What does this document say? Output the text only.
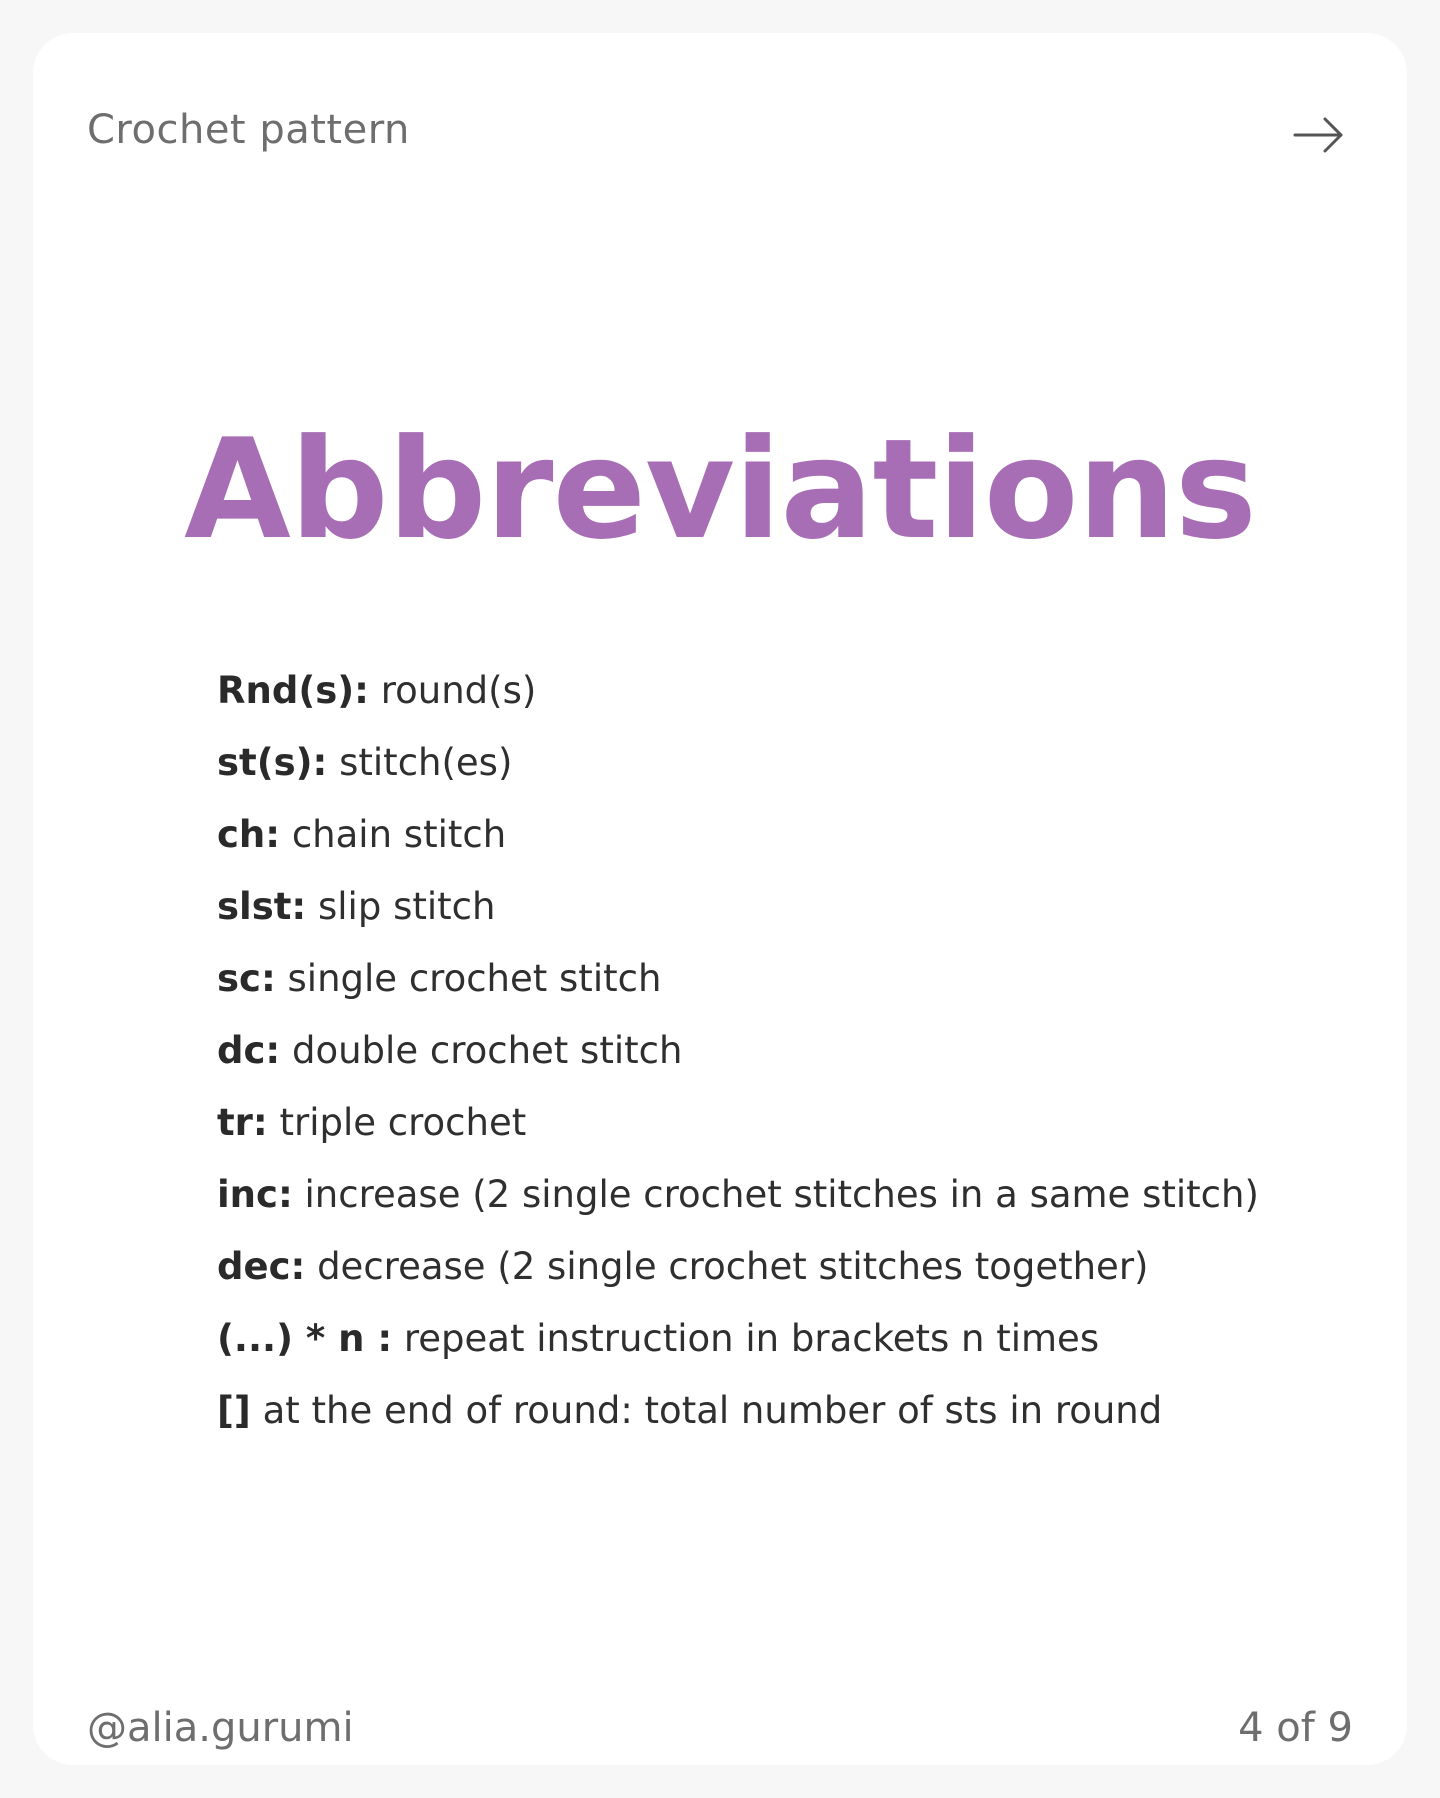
Crochet pattern
Abbreviations
Rnd(s): round(s)
st(s): stitch(es)
ch: chain stitch
slst: slip stitch
sc: single crochet stitch
dc: double crochet stitch
tr: triple crochet
inc: increase (2 single crochet stitches in a same stitch)
dec: decrease (2 single crochet stitches together)
(...) * n : repeat instruction in brackets n times
[] at the end of round: total number of sts in round
@alia.gurumi	4 of 9
